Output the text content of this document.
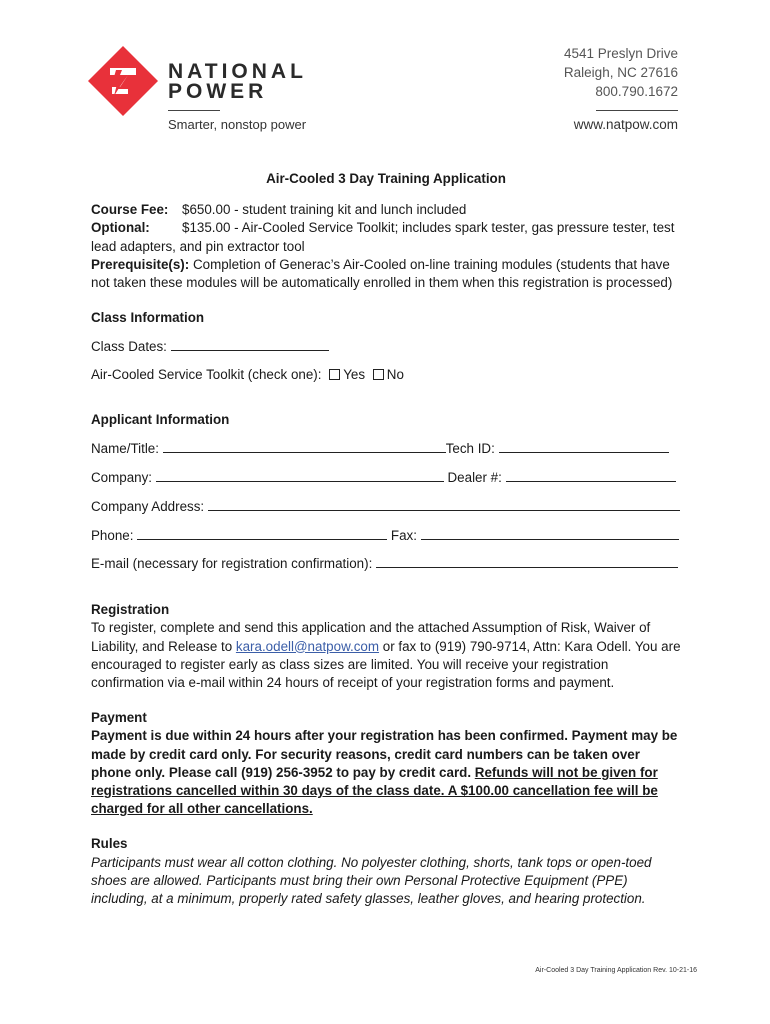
NATIONAL
POWER
Smarter, nonstop power
4541 Preslyn Drive
Raleigh, NC 27616
800.790.1672
www.natpow.com
Air-Cooled 3 Day Training Application

Course Fee: $650.00 - student training kit and lunch included

Optional: $135.00 - Air-Cooled Service Toolkit; includes spark tester, gas pressure tester, test lead adapters, and pin extractor tool

Prerequisite(s): Completion of Generac’s Air-Cooled on-line training modules (students that have not taken these modules will be automatically enrolled in them when this registration is processed)

Class Information

Class Dates:
Air-Cooled Service Toolkit (check one): Yes No

Applicant Information

Name/Title:	Tech ID:
Company:	Dealer #:
Company Address:
Phone:	Fax:
E-mail (necessary for registration confirmation):

Registration

To register, complete and send this application and the attached Assumption of Risk, Waiver of Liability, and Release to kara.odell@natpow.com or fax to (919) 790-9714, Attn: Kara Odell. You are encouraged to register early as class sizes are limited. You will receive your registration confirmation via e-mail within 24 hours of receipt of your registration forms and payment.

Payment

Payment is due within 24 hours after your registration has been confirmed. Payment may be made by credit card only. For security reasons, credit card numbers can be taken over phone only. Please call (919) 256-3952 to pay by credit card. Refunds will not be given for registrations cancelled within 30 days of the class date. A $100.00 cancellation fee will be charged for all other cancellations.

Rules

Participants must wear all cotton clothing. No polyester clothing, shorts, tank tops or open-toed shoes are allowed. Participants must bring their own Personal Protective Equipment (PPE) including, at a minimum, properly rated safety glasses, leather gloves, and hearing protection.

Air-Cooled 3 Day Training Application Rev. 10-21-16
